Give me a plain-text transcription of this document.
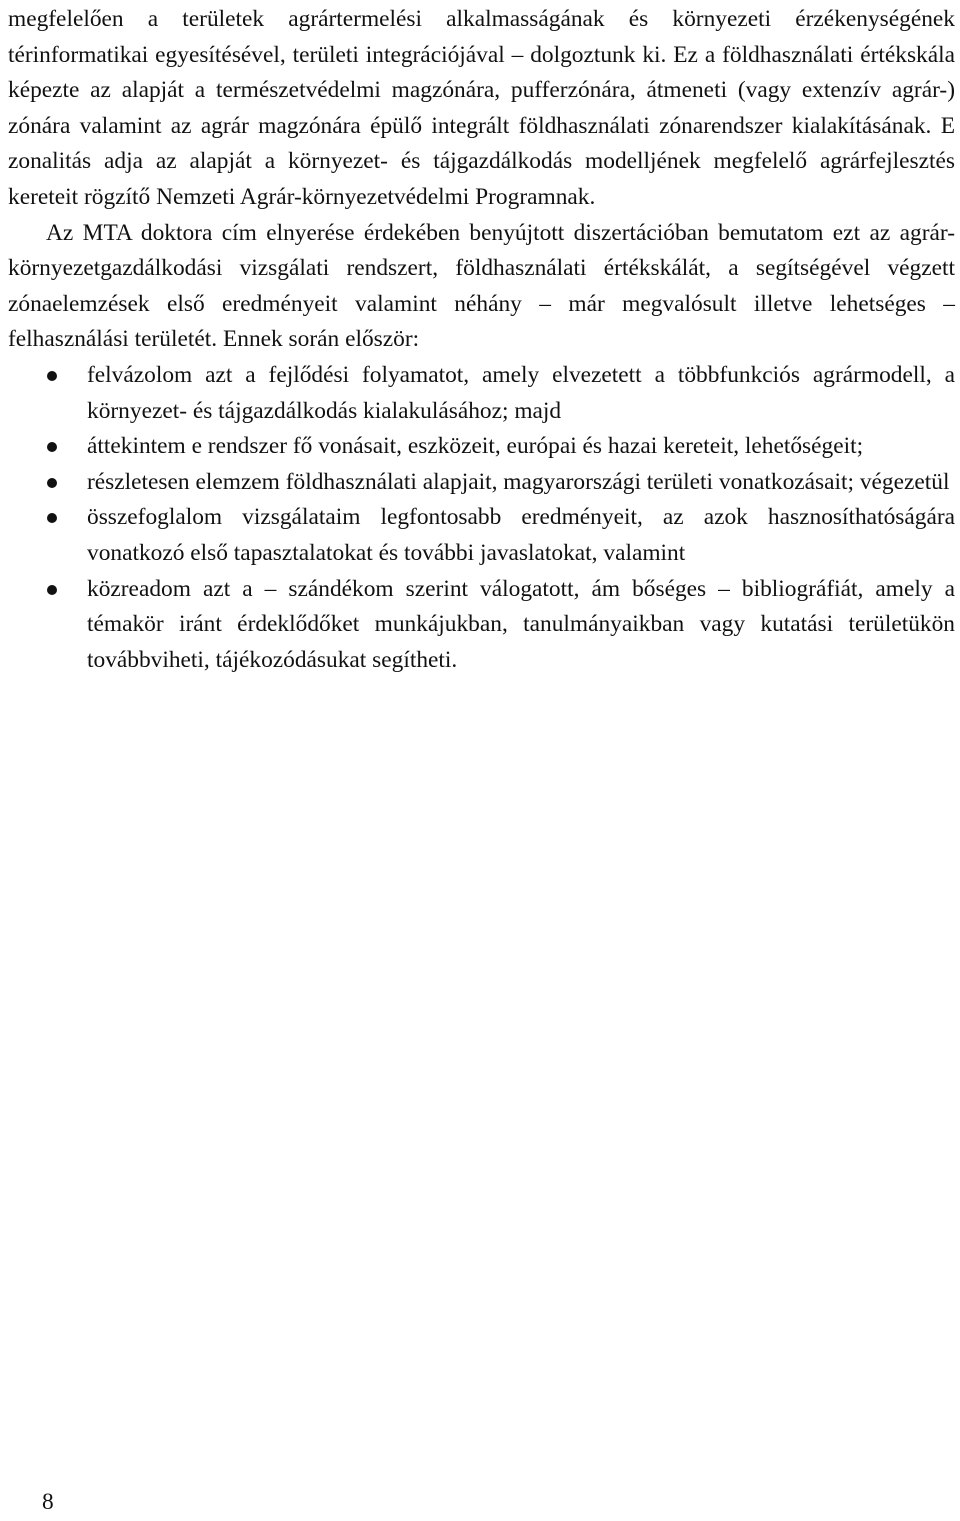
megfelelően a területek agrártermelési alkalmasságának és környezeti érzékenységének térinformatikai egyesítésével, területi integrációjával – dolgoztunk ki. Ez a földhasználati értékskála képezte az alapját a természetvédelmi magzónára, pufferzónára, átmeneti (vagy extenzív agrár-) zónára valamint az agrár magzónára épülő integrált földhasználati zónarendszer kialakításának. E zonalitás adja az alapját a környezet- és tájgazdálkodás modelljének megfelelő agrárfejlesztés kereteit rögzítő Nemzeti Agrár-környezetvédelmi Programnak.

Az MTA doktora cím elnyerése érdekében benyújtott diszertációban bemutatom ezt az agrár-környezetgazdálkodási vizsgálati rendszert, földhasználati értékskálát, a segítségével végzett zónaelemzések első eredményeit valamint néhány – már megvalósult illetve lehetséges – felhasználási területét. Ennek során először:

felvázolom azt a fejlődési folyamatot, amely elvezetett a többfunkciós agrármodell, a környezet- és tájgazdálkodás kialakulásához; majd
áttekintem e rendszer fő vonásait, eszközeit, európai és hazai kereteit, lehetőségeit;
részletesen elemzem földhasználati alapjait, magyarországi területi vonatkozásait; végezetül
összefoglalom vizsgálataim legfontosabb eredményeit, az azok hasznosíthatóságára vonatkozó első tapasztalatokat és további javaslatokat, valamint
közreadom azt a – szándékom szerint válogatott, ám bőséges – bibliográfiát, amely a témakör iránt érdeklődőket munkájukban, tanulmányaikban vagy kutatási területükön továbbviheti, tájékozódásukat segítheti.
8
